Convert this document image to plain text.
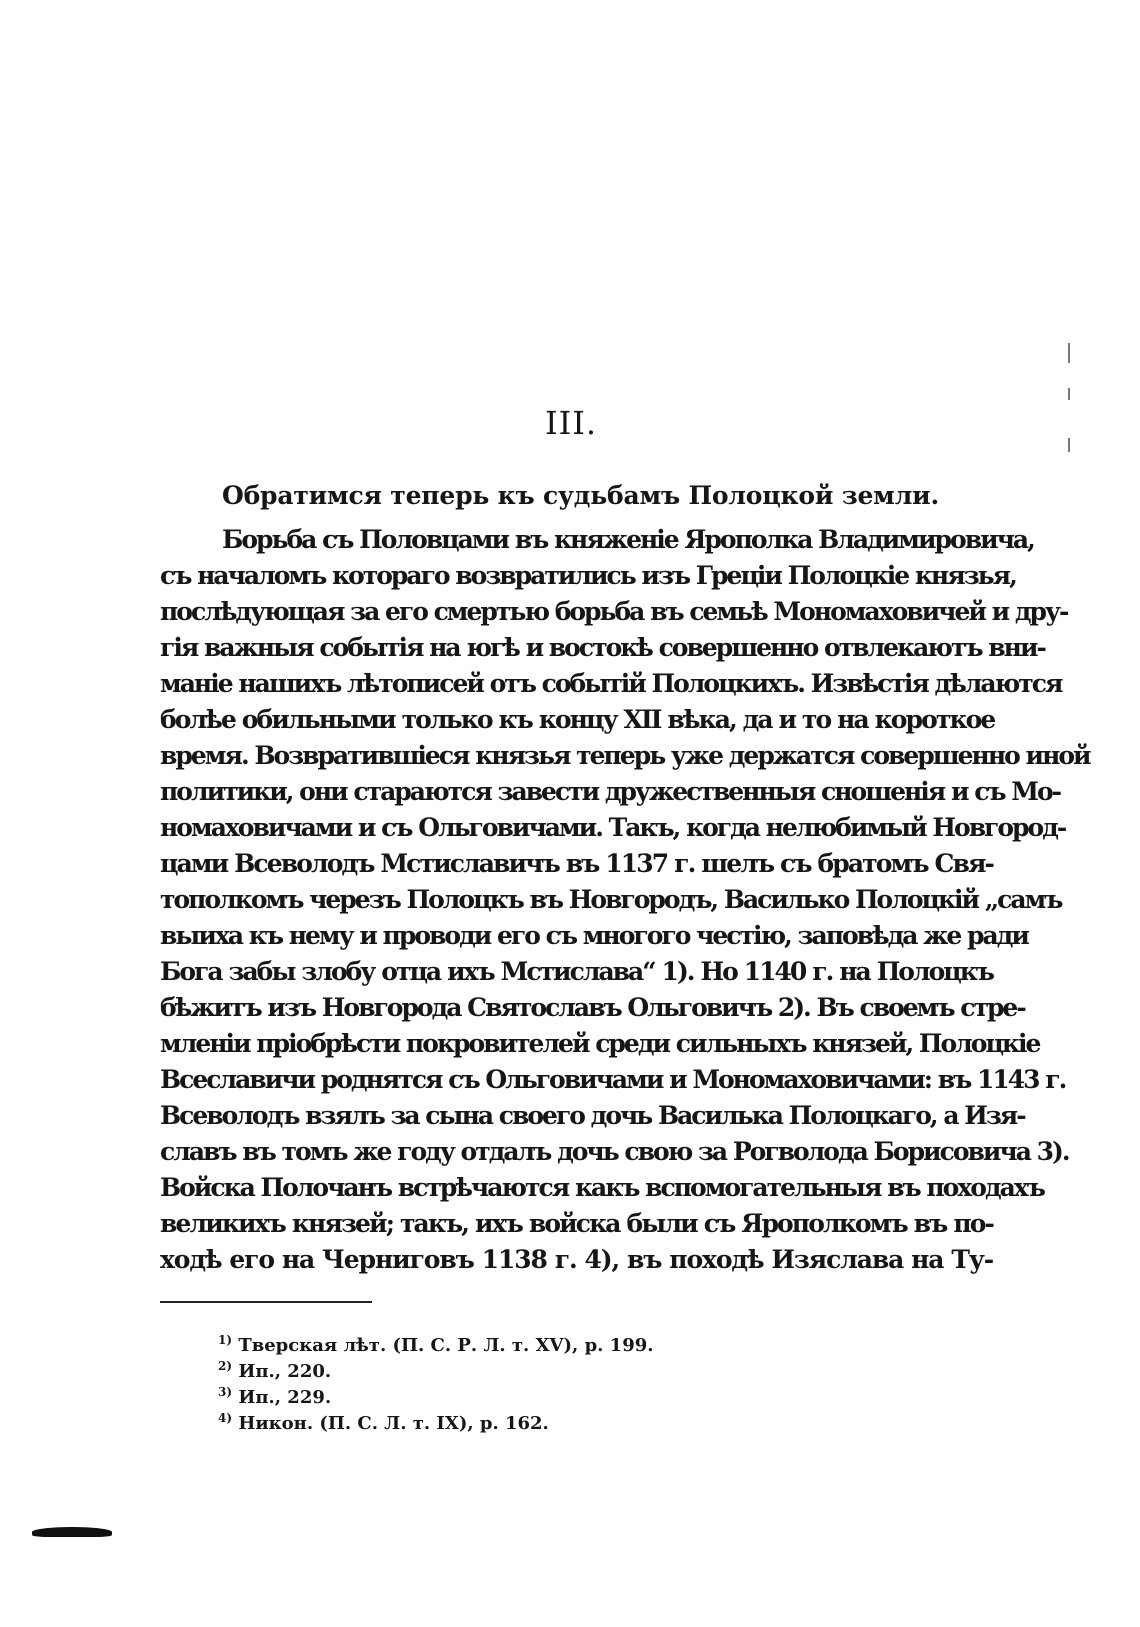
III.
Обратимся теперь къ судьбамъ Полоцкой земли.
Борьба съ Половцами въ княженіе Ярополка Владимировича,
съ началомъ котораго возвратились изъ Греціи Полоцкіе князья,
послѣдующая за его смертью борьба въ семьѣ Мономаховичей и дру-
гія важныя событія на югѣ и востокѣ совершенно отвлекаютъ вни-
маніе нашихъ лѣтописей отъ событій Полоцкихъ. Извѣстія дѣлаются
болѣе обильными только къ концу XII вѣка, да и то на короткое
время. Возвратившіеся князья теперь уже держатся совершенно иной
политики, они стараются завести дружественныя сношенія и съ Мо-
номаховичами и съ Ольговичами. Такъ, когда нелюбимый Новгород-
цами Всеволодъ Мстиславичъ въ 1137 г. шелъ съ братомъ Свя-
тополкомъ черезъ Полоцкъ въ Новгородъ, Василько Полоцкій „самъ
выиха къ нему и проводи его съ многого честію, заповѣда же ради
Бога забы злобу отца ихъ Мстислава“ 1). Но 1140 г. на Полоцкъ
бѣжитъ изъ Новгорода Святославъ Ольговичъ 2). Въ своемъ стре-
мленіи пріобрѣсти покровителей среди сильныхъ князей, Полоцкіе
Всеславичи роднятся съ Ольговичами и Мономаховичами: въ 1143 г.
Всеволодъ взялъ за сына своего дочь Василька Полоцкаго, а Изя-
славъ въ томъ же году отдалъ дочь свою за Рогволода Борисовича 3).
Войска Полочанъ встрѣчаются какъ вспомогательныя въ походахъ
великихъ князей; такъ, ихъ войска были съ Ярополкомъ въ по-
ходѣ его на Черниговъ 1138 г. 4), въ походѣ Изяслава на Ту-
$^{1)}$ Тверская лѣт. (П. С. Р. Л. т. XV), р. 199.
$^{2)}$ Ип., 220.
$^{3)}$ Ип., 229.
$^{4)}$ Никон. (П. С. Л. т. IX), р. 162.
